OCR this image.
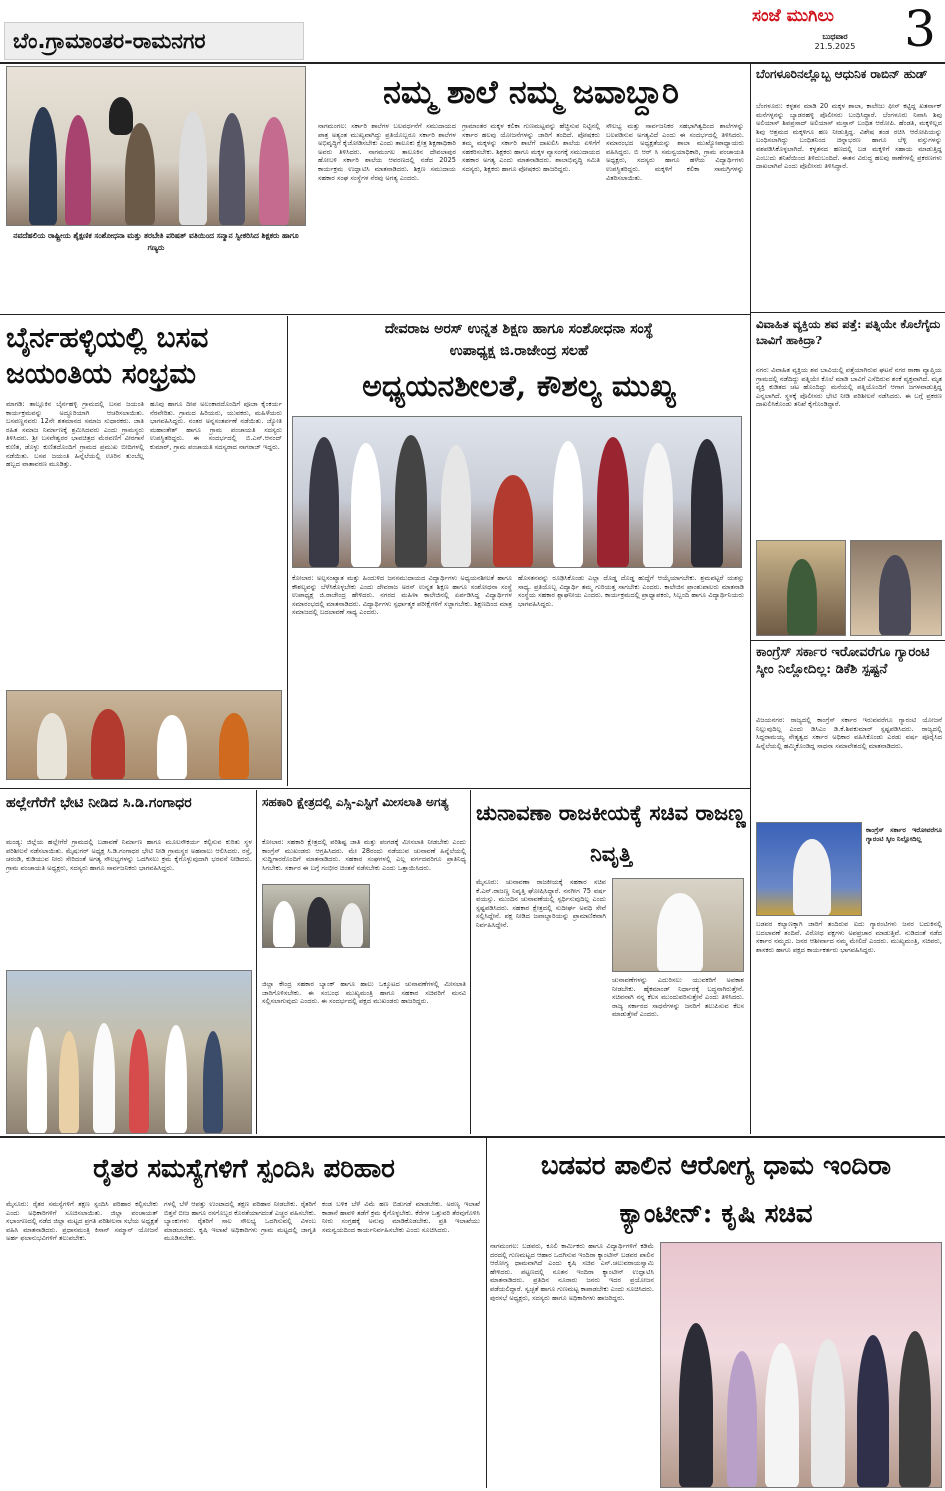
ಬೆಂ.ಗ್ರಾಮಾಂತರ-ರಾಮನಗರ
ಸಂಜೆ ಮುಗಿಲು
ಬುಧವಾರ
21.5.2025 3
ನವದೆಹಲಿಯ ರಾಷ್ಟ್ರೀಯ ಶೈಕ್ಷಣಿಕ ಸಂಶೋಧನಾ ಮತ್ತು ತರಬೇತಿ ಪರಿಷತ್ ವತಿಯಿಂದ ಸನ್ಮಾನ ಸ್ವೀಕರಿಸಿದ ಶಿಕ್ಷಕರು ಹಾಗೂ ಗಣ್ಯರು
ನಮ್ಮ ಶಾಲೆ ನಮ್ಮ ಜವಾಬ್ದಾರಿ
ನಾಗಮಂಗಲ: ಸರ್ಕಾರಿ ಶಾಲೆಗಳ ಬಲವರ್ಧನೆಗೆ ಸಮುದಾಯದ ಪಾತ್ರ ಅತ್ಯಂತ ಮುಖ್ಯವಾಗಿದ್ದು ಪ್ರತಿಯೊಬ್ಬರೂ ಸರ್ಕಾರಿ ಶಾಲೆಗಳ ಅಭಿವೃದ್ಧಿಗೆ ಕೈಜೋಡಿಸಬೇಕು ಎಂದು ತಾಲೂಕು ಕ್ಷೇತ್ರ ಶಿಕ್ಷಣಾಧಿಕಾರಿ ಅವರು ತಿಳಿಸಿದರು. ನಾಗಮಂಗಲ ತಾಲೂಕಿನ ದೇವಲಾಪುರ ಹೋಬಳಿ ಸರ್ಕಾರಿ ಶಾಲೆಯ ಆವರಣದಲ್ಲಿ ನಡೆದ 2025 ಕಾರ್ಯಕ್ರಮ ಉದ್ಘಾಟಿಸಿ ಮಾತನಾಡಿದರು. ಶಿಕ್ಷಣ ಸಮುದಾಯ ಸಹಕಾರ ಸಂಘ ಸಂಸ್ಥೆಗಳ ನೆರವು ಅಗತ್ಯ ಎಂದರು.
ಗ್ರಾಮಾಂತರ ಮಕ್ಕಳ ಕಲಿಕಾ ಗುಣಮಟ್ಟವನ್ನು ಹೆಚ್ಚಿಸುವ ನಿಟ್ಟಿನಲ್ಲಿ ಸರ್ಕಾರ ಹಲವು ಯೋಜನೆಗಳನ್ನು ಜಾರಿಗೆ ತಂದಿದೆ. ಪೋಷಕರು ತಮ್ಮ ಮಕ್ಕಳನ್ನು ಸರ್ಕಾರಿ ಶಾಲೆಗೆ ದಾಖಲಿಸಿ ಶಾಲೆಯ ಏಳಿಗೆಗೆ ಸಹಕರಿಸಬೇಕು. ಶಿಕ್ಷಕರು ಹಾಗೂ ಮಕ್ಕಳ ವ್ಯಾಸಂಗಕ್ಕೆ ಸಮುದಾಯದ ಸಹಕಾರ ಅಗತ್ಯ ಎಂದು ಮಾತನಾಡಿದರು. ಶಾಲಾಭಿವೃದ್ಧಿ ಸಮಿತಿ ಸದಸ್ಯರು, ಶಿಕ್ಷಕರು ಹಾಗೂ ಪೋಷಕರು ಹಾಜರಿದ್ದರು.
ಸೌಲಭ್ಯ ಮತ್ತು ಸಾರ್ವಜನಿಕರ ಸಹಭಾಗಿತ್ವದಿಂದ ಶಾಲೆಗಳನ್ನು ಬಲಪಡಿಸುವ ಅಗತ್ಯವಿದೆ ಎಂದು ಈ ಸಂದರ್ಭದಲ್ಲಿ ತಿಳಿಸಿದರು. ಸಮಾರಂಭದ ಅಧ್ಯಕ್ಷತೆಯನ್ನು ಶಾಲಾ ಮುಖ್ಯೋಪಾಧ್ಯಾಯರು ವಹಿಸಿದ್ದರು. ಬಿ ಆರ್ ಸಿ ಸಮನ್ವಯಾಧಿಕಾರಿ, ಗ್ರಾಮ ಪಂಚಾಯತಿ ಅಧ್ಯಕ್ಷರು, ಸದಸ್ಯರು ಹಾಗೂ ಹಳೆಯ ವಿದ್ಯಾರ್ಥಿಗಳು ಉಪಸ್ಥಿತರಿದ್ದರು. ಮಕ್ಕಳಿಗೆ ಕಲಿಕಾ ಸಾಮಗ್ರಿಗಳನ್ನು ವಿತರಿಸಲಾಯಿತು.
ಬೆಂಗಳೂರಿನಲ್ಲೊಬ್ಬ ಆಧುನಿಕ ರಾಬಿನ್ ಹುಡ್
ಬೆಂಗಳೂರು: ಕಳ್ಳತನ ಮಾಡಿ 20 ಮಕ್ಕಳ ಶಾಲಾ, ಕಾಲೇಜು ಫೀಸ್ ಕಟ್ಟಿದ್ದ ಖತರ್ನಾಕ್ ಮನೆಗಳ್ಳನನ್ನು ಬ್ಯಾಡರಹಳ್ಳಿ ಪೊಲೀಸರು ಬಂಧಿಸಿದ್ದಾರೆ. ಬೆಂಗಳೂರು ನಿವಾಸಿ ಶಿವು ಅಲಿಯಾಸ್ ಶಿವಪ್ರಸಾದ್ ಅಲಿಯಾಸ್ ಮಸ್ತಾನ್ ಬಂಧಿತ ಆರೋಪಿ. ಹೆಂಡತಿ, ಮಕ್ಕಳಿಲ್ಲದ ಶಿವು ಆಶ್ರಮದ ಮಕ್ಕಳಿಗೂ ಹಣ ನೀಡುತ್ತಿದ್ದ. ವಿಶೇಷ ತಂಡ ರಚಿಸಿ ಆರೋಪಿಯನ್ನು ಬಂಧಿಸಲಾಗಿದ್ದು ಬಂಧಿತನಿಂದ ಚಿನ್ನಾಭರಣ ಹಾಗೂ ಬೆಳ್ಳಿ ವಸ್ತುಗಳನ್ನು ವಶಪಡಿಸಿಕೊಳ್ಳಲಾಗಿದೆ. ಕಳ್ಳತನದ ಹಣದಲ್ಲಿ ಬಡ ಮಕ್ಕಳಿಗೆ ಸಹಾಯ ಮಾಡುತ್ತಿದ್ದ ಎಂಬುದು ತನಿಖೆಯಿಂದ ತಿಳಿದುಬಂದಿದೆ. ಈತನ ವಿರುದ್ಧ ಹಲವು ಠಾಣೆಗಳಲ್ಲಿ ಪ್ರಕರಣಗಳು ದಾಖಲಾಗಿವೆ ಎಂದು ಪೊಲೀಸರು ತಿಳಿಸಿದ್ದಾರೆ.
ಬೈರ್ನಹಳ್ಳಿಯಲ್ಲಿ ಬಸವ ಜಯಂತಿಯ ಸಂಭ್ರಮ
ಮಾಗಡಿ: ತಾಲ್ಲೂಕಿನ ಬೈರ್ನಹಳ್ಳಿ ಗ್ರಾಮದಲ್ಲಿ ಬಸವ ಜಯಂತಿ ಕಾರ್ಯಕ್ರಮವನ್ನು ಅದ್ದೂರಿಯಾಗಿ ಆಚರಿಸಲಾಯಿತು. ಬಸವಣ್ಣನವರು 12ನೇ ಶತಮಾನದ ಸಮಾಜ ಸುಧಾರಕರು. ಜಾತಿ ರಹಿತ ಸಮಾಜ ನಿರ್ಮಾಣಕ್ಕೆ ಶ್ರಮಿಸಿದವರು ಎಂದು ಗ್ರಾಮಸ್ಥರು ತಿಳಿಸಿದರು. ಶ್ರೀ ಬಸವೇಶ್ವರರ ಭಾವಚಿತ್ರದ ಮೆರವಣಿಗೆ ವೀರಗಾಸೆ ಕುಣಿತ, ಡೊಳ್ಳು ಕುಣಿತದೊಂದಿಗೆ ಗ್ರಾಮದ ಪ್ರಮುಖ ಬೀದಿಗಳಲ್ಲಿ ನಡೆಯಿತು. ಬಸವ ಜಯಂತಿ ಹಿನ್ನೆಲೆಯಲ್ಲಿ ಊರಿನ ತುಂಬೆಲ್ಲ ಹಬ್ಬದ ವಾತಾವರಣ ಮೂಡಿತ್ತು.
ಹೂವು ಹಾಗೂ ದೀಪ ಅಲಂಕಾರದೊಂದಿಗೆ ಪೂಜಾ ಕೈಂಕರ್ಯ ನೆರವೇರಿತು. ಗ್ರಾಮದ ಹಿರಿಯರು, ಯುವಕರು, ಮಹಿಳೆಯರು ಭಾಗವಹಿಸಿದ್ದರು. ನಂತರ ಅನ್ನಸಂತರ್ಪಣೆ ನಡೆಯಿತು. ಜ್ಯೋತಿ ಮಹಾಂತೇಶ್ ಹಾಗೂ ಗ್ರಾಮ ಪಂಚಾಯತಿ ಸದಸ್ಯರು ಉಪಸ್ಥಿತರಿದ್ದರು. ಈ ಸಂದರ್ಭದಲ್ಲಿ ಬಿ.ಎನ್.ಆನಂದ್ ಕುಮಾರ್, ಗ್ರಾಮ ಪಂಚಾಯತಿ ಸದಸ್ಯರಾದ ನಾಗರಾಜ್ ಇದ್ದರು.
ದೇವರಾಜ ಅರಸ್ ಉನ್ನತ ಶಿಕ್ಷಣ ಹಾಗೂ ಸಂಶೋಧನಾ ಸಂಸ್ಥೆ
ಉಪಾಧ್ಯಕ್ಷ ಜಿ.ರಾಜೇಂದ್ರ ಸಲಹೆ
ಅಧ್ಯಯನಶೀಲತೆ, ಕೌಶಲ್ಯ ಮುಖ್ಯ
ಕೋಲಾರ: ಅಲ್ಪಸಂಖ್ಯಾತ ಮತ್ತು ಹಿಂದುಳಿದ ಜನಸಮುದಾಯದ ವಿದ್ಯಾರ್ಥಿಗಳು ಅಧ್ಯಯನಶೀಲತೆ ಹಾಗೂ ಕೌಶಲ್ಯವನ್ನು ಬೆಳೆಸಿಕೊಳ್ಳಬೇಕು ಎಂದು ದೇವರಾಜ ಅರಸ್ ಉನ್ನತ ಶಿಕ್ಷಣ ಹಾಗೂ ಸಂಶೋಧನಾ ಸಂಸ್ಥೆ ಉಪಾಧ್ಯಕ್ಷ ಜಿ.ರಾಜೇಂದ್ರ ಹೇಳಿದರು. ನಗರದ ಮಹಿಳಾ ಕಾಲೇಜಿನಲ್ಲಿ ಏರ್ಪಡಿಸಿದ್ದ ವಿದ್ಯಾರ್ಥಿಗಳ ಸಮಾರಂಭದಲ್ಲಿ ಮಾತನಾಡಿದರು. ವಿದ್ಯಾರ್ಥಿಗಳು ಸ್ಪರ್ಧಾತ್ಮಕ ಪರೀಕ್ಷೆಗಳಿಗೆ ಸಜ್ಜಾಗಬೇಕು. ಶಿಕ್ಷಣದಿಂದ ಮಾತ್ರ ಸಮಾಜದಲ್ಲಿ ಬದಲಾವಣೆ ಸಾಧ್ಯ ಎಂದರು.
ಹೊಸತನವನ್ನು ರೂಢಿಸಿಕೊಂಡು ಎಲ್ಲಾ ದೊಡ್ಡ ದೊಡ್ಡ ಹುದ್ದೆಗೆ ಆಯ್ಕೆಯಾಗಬೇಕು. ಶ್ರಮಪಟ್ಟರೆ ಯಶಸ್ಸು ಸಾಧ್ಯ. ಪ್ರತಿಯೊಬ್ಬ ವಿದ್ಯಾರ್ಥಿ ತಮ್ಮ ಗುರಿಯತ್ತ ಸಾಗಬೇಕು ಎಂದರು. ಕಾಲೇಜಿನ ಪ್ರಾಂಶುಪಾಲರು ಮಾತನಾಡಿ ಸಂಸ್ಥೆಯ ಸಹಕಾರ ಶ್ಲಾಘನೀಯ ಎಂದರು. ಕಾರ್ಯಕ್ರಮದಲ್ಲಿ ಪ್ರಾಧ್ಯಾಪಕರು, ಸಿಬ್ಬಂದಿ ಹಾಗೂ ವಿದ್ಯಾರ್ಥಿನಿಯರು ಭಾಗವಹಿಸಿದ್ದರು.
ವಿವಾಹಿತ ವ್ಯಕ್ತಿಯ ಶವ ಪತ್ತೆ: ಪತ್ನಿಯೇ ಕೊಲೆಗೈದು ಬಾವಿಗೆ ಹಾಕಿದ್ರಾ?
ನಗರ: ವಿವಾಹಿತ ವ್ಯಕ್ತಿಯ ಶವ ಬಾವಿಯಲ್ಲಿ ಪತ್ತೆಯಾಗಿರುವ ಘಟನೆ ನಗರ ಠಾಣಾ ವ್ಯಾಪ್ತಿಯ ಗ್ರಾಮದಲ್ಲಿ ನಡೆದಿದ್ದು ಪತ್ನಿಯೇ ಕೊಲೆ ಮಾಡಿ ಬಾವಿಗೆ ಎಸೆದಿರುವ ಶಂಕೆ ವ್ಯಕ್ತವಾಗಿದೆ. ಮೃತ ವ್ಯಕ್ತಿ ಕುಡಿತದ ಚಟ ಹೊಂದಿದ್ದು ಮನೆಯಲ್ಲಿ ಪತ್ನಿಯೊಂದಿಗೆ ಆಗಾಗ ಜಗಳವಾಡುತ್ತಿದ್ದ ಎನ್ನಲಾಗಿದೆ. ಸ್ಥಳಕ್ಕೆ ಪೊಲೀಸರು ಭೇಟಿ ನೀಡಿ ಪರಿಶೀಲನೆ ನಡೆಸಿದರು. ಈ ಬಗ್ಗೆ ಪ್ರಕರಣ ದಾಖಲಿಸಿಕೊಂಡು ತನಿಖೆ ಕೈಗೊಂಡಿದ್ದಾರೆ.
ಕಾಂಗ್ರೆಸ್ ಸರ್ಕಾರ ಇರೋವರೆಗೂ ಗ್ಯಾರಂಟಿ ಸ್ಕೀಂ ನಿಲ್ಲೋದಿಲ್ಲ: ಡಿಕೆಶಿ ಸ್ಪಷ್ಟನೆ
ವಿಜಯನಗರ: ರಾಜ್ಯದಲ್ಲಿ ಕಾಂಗ್ರೆಸ್ ಸರ್ಕಾರ ಇರುವವರೆಗೂ ಗ್ಯಾರಂಟಿ ಯೋಜನೆ ನಿಲ್ಲುವುದಿಲ್ಲ ಎಂದು ಡಿಸಿಎಂ ಡಿ.ಕೆ.ಶಿವಕುಮಾರ್ ಸ್ಪಷ್ಟಪಡಿಸಿದರು. ರಾಜ್ಯದಲ್ಲಿ ಸಿದ್ದರಾಮಯ್ಯ ನೇತೃತ್ವದ ಸರ್ಕಾರ ಅಧಿಕಾರ ವಹಿಸಿಕೊಂಡು ಎರಡು ವರ್ಷ ಪೂರೈಸಿದ ಹಿನ್ನೆಲೆಯಲ್ಲಿ ಹಮ್ಮಿಕೊಂಡಿದ್ದ ಸಾಧನಾ ಸಮಾವೇಶದಲ್ಲಿ ಮಾತನಾಡಿದರು.
ಕಾಂಗ್ರೆಸ್ ಸರ್ಕಾರ ಇರೋವರೆಗೂ ಗ್ಯಾರಂಟಿ ಸ್ಕೀಂ ನಿಲ್ಲೋದಿಲ್ಲ
ಬಡವರ ಕಲ್ಯಾಣಕ್ಕಾಗಿ ಜಾರಿಗೆ ತಂದಿರುವ ಐದು ಗ್ಯಾರಂಟಿಗಳು ಜನರ ಬದುಕಿನಲ್ಲಿ ಬದಲಾವಣೆ ತಂದಿವೆ. ವಿರೋಧ ಪಕ್ಷಗಳು ಅಪಪ್ರಚಾರ ಮಾಡುತ್ತಿವೆ. ನುಡಿದಂತೆ ನಡೆದ ಸರ್ಕಾರ ನಮ್ಮದು. ಜನರ ಆಶೀರ್ವಾದ ನಮ್ಮ ಮೇಲಿದೆ ಎಂದರು. ಮುಖ್ಯಮಂತ್ರಿ, ಸಚಿವರು, ಶಾಸಕರು ಹಾಗೂ ಪಕ್ಷದ ಕಾರ್ಯಕರ್ತರು ಭಾಗವಹಿಸಿದ್ದರು.
ಹಲ್ಲೇಗೆರೆಗೆ ಭೇಟಿ ನೀಡಿದ ಸಿ.ಡಿ.ಗಂಗಾಧರ
ಮಂಡ್ಯ: ಜಿಲ್ಲೆಯ ಹಲ್ಲೇಗೆರೆ ಗ್ರಾಮದಲ್ಲಿ ಬಡಾವಣೆ ನಿರ್ಮಾಣ ಹಾಗೂ ಮೂಲಸೌಕರ್ಯ ಕಲ್ಪಿಸುವ ಕುರಿತು ಸ್ಥಳ ಪರಿಶೀಲನೆ ನಡೆಸಲಾಯಿತು. ಮೈಷುಗರ್ ಅಧ್ಯಕ್ಷ ಸಿ.ಡಿ.ಗಂಗಾಧರ ಭೇಟಿ ನೀಡಿ ಗ್ರಾಮಸ್ಥರ ಅಹವಾಲು ಆಲಿಸಿದರು. ರಸ್ತೆ, ಚರಂಡಿ, ಕುಡಿಯುವ ನೀರು ಸೇರಿದಂತೆ ಅಗತ್ಯ ಸೌಲಭ್ಯಗಳನ್ನು ಒದಗಿಸಲು ಕ್ರಮ ಕೈಗೊಳ್ಳುವುದಾಗಿ ಭರವಸೆ ನೀಡಿದರು. ಗ್ರಾಮ ಪಂಚಾಯತಿ ಅಧ್ಯಕ್ಷರು, ಸದಸ್ಯರು ಹಾಗೂ ಸಾರ್ವಜನಿಕರು ಭಾಗವಹಿಸಿದ್ದರು.
ಸಹಕಾರಿ ಕ್ಷೇತ್ರದಲ್ಲಿ ಎಸ್ಸಿ-ಎಸ್ಟಿಗೆ ಮೀಸಲಾತಿ ಅಗತ್ಯ
ಕೋಲಾರ: ಸಹಕಾರಿ ಕ್ಷೇತ್ರದಲ್ಲಿ ಪರಿಶಿಷ್ಟ ಜಾತಿ ಮತ್ತು ಪಂಗಡಕ್ಕೆ ಮೀಸಲಾತಿ ನೀಡಬೇಕು ಎಂದು ಕಾಂಗ್ರೆಸ್ ಮುಖಂಡರು ಆಗ್ರಹಿಸಿದರು. ಮೇ 28ರಂದು ನಡೆಯುವ ಚುನಾವಣೆ ಹಿನ್ನೆಲೆಯಲ್ಲಿ ಸುದ್ದಿಗಾರರೊಂದಿಗೆ ಮಾತನಾಡಿದರು. ಸಹಕಾರ ಸಂಘಗಳಲ್ಲಿ ಎಲ್ಲ ವರ್ಗದವರಿಗೂ ಪ್ರಾತಿನಿಧ್ಯ ಸಿಗಬೇಕು. ಸರ್ಕಾರ ಈ ಬಗ್ಗೆ ಗಂಭೀರ ಚಿಂತನೆ ನಡೆಸಬೇಕು ಎಂದು ಒತ್ತಾಯಿಸಿದರು.
ಜಿಲ್ಲಾ ಕೇಂದ್ರ ಸಹಕಾರ ಬ್ಯಾಂಕ್ ಹಾಗೂ ಹಾಲು ಒಕ್ಕೂಟದ ಚುನಾವಣೆಗಳಲ್ಲಿ ಮೀಸಲಾತಿ ಜಾರಿಗೊಳಿಸಬೇಕು. ಈ ಸಂಬಂಧ ಮುಖ್ಯಮಂತ್ರಿ ಹಾಗೂ ಸಹಕಾರ ಸಚಿವರಿಗೆ ಮನವಿ ಸಲ್ಲಿಸಲಾಗುವುದು ಎಂದರು. ಈ ಸಂದರ್ಭದಲ್ಲಿ ಪಕ್ಷದ ಮುಖಂಡರು ಹಾಜರಿದ್ದರು.
ಚುನಾವಣಾ ರಾಜಕೀಯಕ್ಕೆ ಸಚಿವ ರಾಜಣ್ಣ ನಿವೃತ್ತಿ
ಮೈಸೂರು: ಚುನಾವಣಾ ರಾಜಕೀಯಕ್ಕೆ ಸಹಕಾರ ಸಚಿವ ಕೆ.ಎನ್.ರಾಜಣ್ಣ ನಿವೃತ್ತಿ ಘೋಷಿಸಿದ್ದಾರೆ. ನನಗೀಗ 75 ವರ್ಷ ವಯಸ್ಸು. ಮುಂದಿನ ಚುನಾವಣೆಯಲ್ಲಿ ಸ್ಪರ್ಧಿಸುವುದಿಲ್ಲ ಎಂದು ಸ್ಪಷ್ಟಪಡಿಸಿದರು. ಸಹಕಾರ ಕ್ಷೇತ್ರದಲ್ಲಿ ಸುದೀರ್ಘ ಅವಧಿ ಸೇವೆ ಸಲ್ಲಿಸಿದ್ದೇನೆ. ಪಕ್ಷ ನೀಡಿದ ಜವಾಬ್ದಾರಿಯನ್ನು ಪ್ರಾಮಾಣಿಕವಾಗಿ ನಿರ್ವಹಿಸಿದ್ದೇನೆ.
ಚುನಾವಣೆಗಳನ್ನು ಎದುರಿಸಲು ಯುವಕರಿಗೆ ಅವಕಾಶ ನೀಡಬೇಕು. ಹೈಕಮಾಂಡ್ ನಿರ್ಧಾರಕ್ಕೆ ಬದ್ಧನಾಗಿರುತ್ತೇನೆ. ಸಚಿವನಾಗಿ ನನ್ನ ಕೆಲಸ ಮುಂದುವರಿಸುತ್ತೇನೆ ಎಂದು ತಿಳಿಸಿದರು. ರಾಜ್ಯ ಸರ್ಕಾರದ ಸಾಧನೆಗಳನ್ನು ಜನರಿಗೆ ತಲುಪಿಸುವ ಕೆಲಸ ಮಾಡುತ್ತೇವೆ ಎಂದರು.
ರೈತರ ಸಮಸ್ಯೆಗಳಿಗೆ ಸ್ಪಂದಿಸಿ ಪರಿಹಾರ
ಮೈಸೂರು: ರೈತರ ಸಮಸ್ಯೆಗಳಿಗೆ ತಕ್ಷಣ ಸ್ಪಂದಿಸಿ ಪರಿಹಾರ ಕಲ್ಪಿಸಬೇಕು ಎಂದು ಅಧಿಕಾರಿಗಳಿಗೆ ಸೂಚಿಸಲಾಯಿತು. ಜಿಲ್ಲಾ ಪಂಚಾಯತ್ ಸಭಾಂಗಣದಲ್ಲಿ ನಡೆದ ಜಿಲ್ಲಾ ಮಟ್ಟದ ಪ್ರಗತಿ ಪರಿಶೀಲನಾ ಸಭೆಯ ಅಧ್ಯಕ್ಷತೆ ವಹಿಸಿ ಮಾತನಾಡಿದರು. ಪ್ರಧಾನಮಂತ್ರಿ ಕಿಸಾನ್ ಸಮ್ಮಾನ್ ಯೋಜನೆ ಅರ್ಹ ಫಲಾನುಭವಿಗಳಿಗೆ ತಲುಪಬೇಕು.
ಗಳಲ್ಲಿ ಬೆಳೆ ಆಪತ್ತು ಉಂಟಾದಲ್ಲಿ ತಕ್ಷಣ ಪರಿಹಾರ ನೀಡಬೇಕು. ರೈತರಿಗೆ ಬಿತ್ತನೆ ಬೀಜ ಹಾಗೂ ರಸಗೊಬ್ಬರ ಕೊರತೆಯಾಗದಂತೆ ಎಚ್ಚರ ವಹಿಸಬೇಕು. ಬ್ಯಾಂಕುಗಳು ರೈತರಿಗೆ ಸಾಲ ಸೌಲಭ್ಯ ಒದಗಿಸುವಲ್ಲಿ ವಿಳಂಬ ಮಾಡಬಾರದು. ಕೃಷಿ ಇಲಾಖೆ ಅಧಿಕಾರಿಗಳು ಗ್ರಾಮ ಮಟ್ಟದಲ್ಲಿ ಜಾಗೃತಿ ಮೂಡಿಸಬೇಕು.
ಕಂಡ ಬಳಿಕ ಬೆಳೆ ವಿಮೆ ಹಣ ಬಿಡುಗಡೆ ಮಾಡಬೇಕು. ಅರಣ್ಯ ಇಲಾಖೆ ಕಾಡಾನೆ ಹಾವಳಿ ತಡೆಗೆ ಕ್ರಮ ಕೈಗೊಳ್ಳಬೇಕು. ಕೆರೆಗಳ ಒತ್ತುವರಿ ತೆರವುಗೊಳಿಸಿ ನೀರು ಸಂಗ್ರಹಕ್ಕೆ ಅನುವು ಮಾಡಿಕೊಡಬೇಕು. ಪ್ರತಿ ಇಲಾಖೆಯು ಸಮನ್ವಯದಿಂದ ಕಾರ್ಯನಿರ್ವಹಿಸಬೇಕು ಎಂದು ಸೂಚಿಸಿದರು.
ಬಡವರ ಪಾಲಿನ ಆರೋಗ್ಯ ಧಾಮ ಇಂದಿರಾ ಕ್ಯಾಂಟೀನ್: ಕೃಷಿ ಸಚಿವ
ನಾಗಮಂಗಲ: ಬಡವರು, ಕೂಲಿ ಕಾರ್ಮಿಕರು ಹಾಗೂ ವಿದ್ಯಾರ್ಥಿಗಳಿಗೆ ಕಡಿಮೆ ದರದಲ್ಲಿ ಗುಣಮಟ್ಟದ ಆಹಾರ ಒದಗಿಸುವ ಇಂದಿರಾ ಕ್ಯಾಂಟೀನ್ ಬಡವರ ಪಾಲಿನ ಆರೋಗ್ಯ ಧಾಮವಾಗಿದೆ ಎಂದು ಕೃಷಿ ಸಚಿವ ಎನ್.ಚಲುವರಾಯಸ್ವಾಮಿ ಹೇಳಿದರು. ಪಟ್ಟಣದಲ್ಲಿ ನೂತನ ಇಂದಿರಾ ಕ್ಯಾಂಟೀನ್ ಉದ್ಘಾಟಿಸಿ ಮಾತನಾಡಿದರು. ಪ್ರತಿದಿನ ನೂರಾರು ಜನರು ಇದರ ಪ್ರಯೋಜನ ಪಡೆಯಲಿದ್ದಾರೆ. ಸ್ವಚ್ಛತೆ ಹಾಗೂ ಗುಣಮಟ್ಟ ಕಾಪಾಡಬೇಕು ಎಂದು ಸೂಚಿಸಿದರು. ಪುರಸಭೆ ಅಧ್ಯಕ್ಷರು, ಸದಸ್ಯರು ಹಾಗೂ ಅಧಿಕಾರಿಗಳು ಹಾಜರಿದ್ದರು.
